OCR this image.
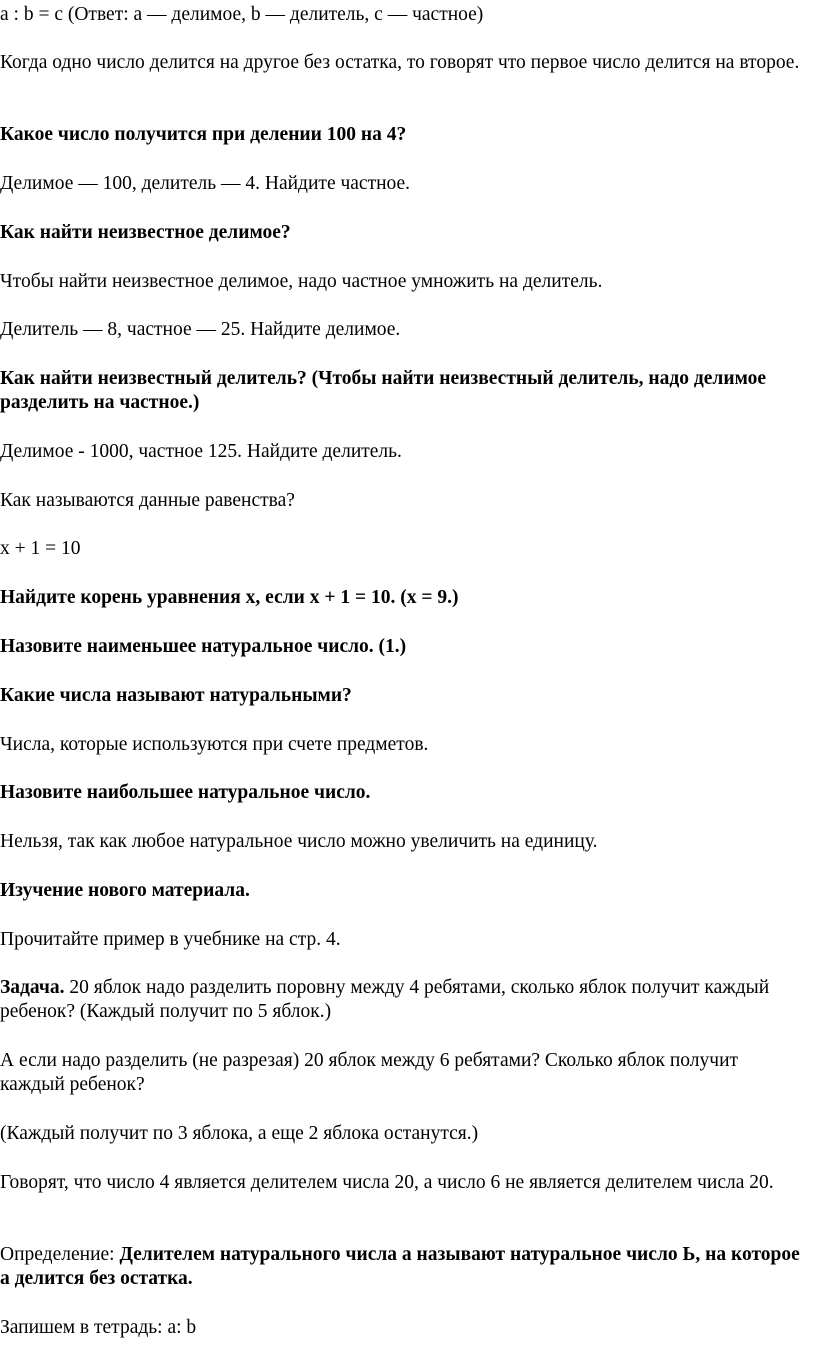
a : b = c (Ответ: a — делимое, b — делитель, c — частное)

Когда одно число делится на другое без остатка, то говорят что первое число делится на второе.

Какое число получится при делении 100 на 4?

Делимое — 100, делитель — 4. Найдите частное.

Как найти неизвестное делимое?

Чтобы найти неизвестное делимое, надо частное умножить на делитель.

Делитель — 8, частное — 25. Найдите делимое.

Как найти неизвестный делитель? (Чтобы найти неизвестный делитель, надо делимое разделить на частное.)

Делимое - 1000, частное 125. Найдите делитель.

Как называются данные равенства?

x + 1 = 10

Найдите корень уравнения x, если x + 1 = 10. (x = 9.)

Назовите наименьшее натуральное число. (1.)

Какие числа называют натуральными?

Числа, которые используются при счете предметов.

Назовите наибольшее натуральное число.

Нельзя, так как любое натуральное число можно увеличить на единицу.

Изучение нового материала.

Прочитайте пример в учебнике на стр. 4.

Задача. 20 яблок надо разделить поровну между 4 ребятами, сколько яблок получит каждый ребенок? (Каждый получит по 5 яблок.)

А если надо разделить (не разрезая) 20 яблок между 6 ребятами? Сколько яблок получит каждый ребенок?

(Каждый получит по 3 яблока, а еще 2 яблока останутся.)

Говорят, что число 4 является делителем числа 20, а число 6 не является делителем числа 20.

Определение: Делителем натурального числа a называют натуральное число Ь, на которое a делится без остатка.

Запишем в тетрадь: a: b
